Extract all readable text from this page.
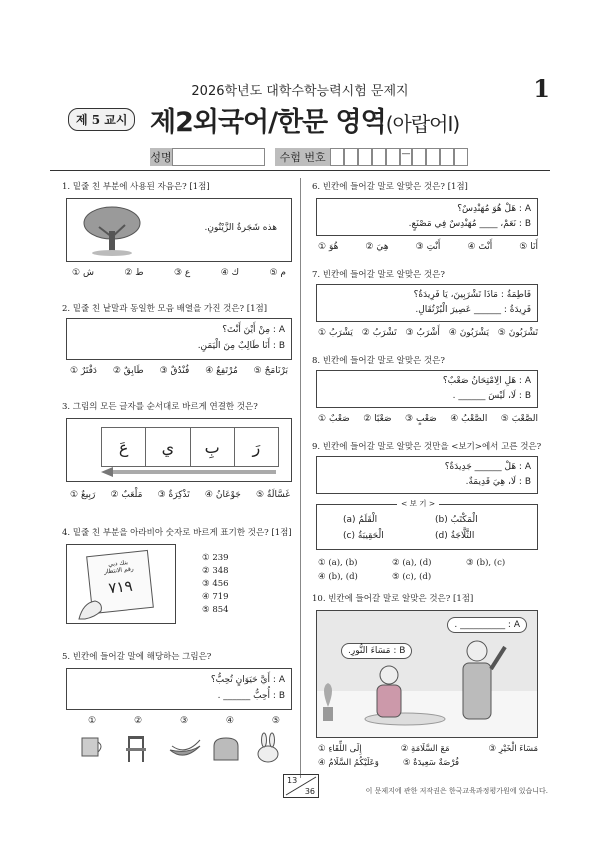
2026학년도 대학수학능력시험 문제지	1
제 5 교시 제2외국어/한문 영역(아랍어Ⅰ)
성명	수험 번호	—
1. 밑줄 친 부분에 사용된 자음은? [1점]
هذه شَجَرةُ الزَّيْتُونِ.
① ش	② ط	③ ع	④ ك	⑤ م
2. 밑줄 친 낱말과 동일한 모음 배열을 가진 것은? [1점]
A : مِنْ أَيْنَ أَنْتَ؟
B : أَنَا طَالِبٌ مِنَ الْيَمَنِ.
① دَفْتَرٌ ② طَابِقٌ ③ فُنْدُقٌ ④ مُرْتَفِعٌ ⑤ بَرْنَامَجٌ
3. 그림의 모든 글자를 순서대로 바르게 연결한 것은?
عَ	ي	بِ	رَ
① رَبِيعٌ ② مَلْعَبٌ ③ تَذْكِرَةٌ ④ جَوْعَانُ ⑤ غَسَّالَةٌ
4. 밑줄 친 부분을 아라비아 숫자로 바르게 표기한 것은? [1점]
بنك دبي
رقم الانتظار
٧١٩
① 239
② 348
③ 456
④ 719
⑤ 854
5. 빈칸에 들어갈 말에 해당하는 그림은?
A : أَيَّ حَيَوَانٍ تُحِبُّ؟
B : أُحِبُّ ______ .
①	②	③	④	⑤
6. 빈칸에 들어갈 말로 알맞은 것은? [1점]
A : هَلْ هُوَ مُهَنْدِسٌ؟
B : نَعَمْ، ____ مُهَنْدِسٌ فِي مَصْنَعٍ.
① هُوَ	② هِيَ	③ أَنْتِ	④ أَنْتَ	⑤ أَنَا
7. 빈칸에 들어갈 말로 알맞은 것은?
فَاطِمَةُ : مَاذَا تَشْرَبِينَ، يَا فَرِيدَةُ؟
فَرِيدَةُ : ______ عَصِيرَ الْبُرْتُقَالِ.
① يَشْرَبُ ② تَشْرَبُ ③ أَشْرَبُ ④ يَشْرَبُونَ ⑤ تَشْرَبُونَ
8. 빈칸에 들어갈 말로 알맞은 것은?
A : هَلِ الِامْتِحَانُ صَعْبٌ؟
B : لَا، لَيْسَ ______ .
① صَعْبٌ ② صَعْبًا ③ صَعْبٍ ④ الصَّعْبُ ⑤ الصَّعْبَ
9. 빈칸에 들어갈 말로 알맞은 것만을 <보기>에서 고른 것은?
A : هَلْ ______ جَدِيدَةٌ؟
B : لَا، هِيَ قَدِيمَةٌ.
< 보 기 >
(a) الْقَلَمُ	(b) الْمَكْتَبُ
(c) الْحَقِيبَةُ	(d) الثَّلَّاجَةُ
① (a), (b)	② (a), (d)	③ (b), (c)
④ (b), (d)	⑤ (c), (d)
10. 빈칸에 들어갈 말로 알맞은 것은? [1점]
A : __________ .
B : مَسَاءَ النُّورِ.
① إِلَى اللِّقَاءِ	② مَعَ السَّلَامَةِ	③ مَسَاءَ الْخَيْرِ
④ وَعَلَيْكُمُ السَّلَامُ	⑤ فُرْصَةٌ سَعِيدَةٌ
13
36	이 문제지에 관한 저작권은 한국교육과정평가원에 있습니다.
